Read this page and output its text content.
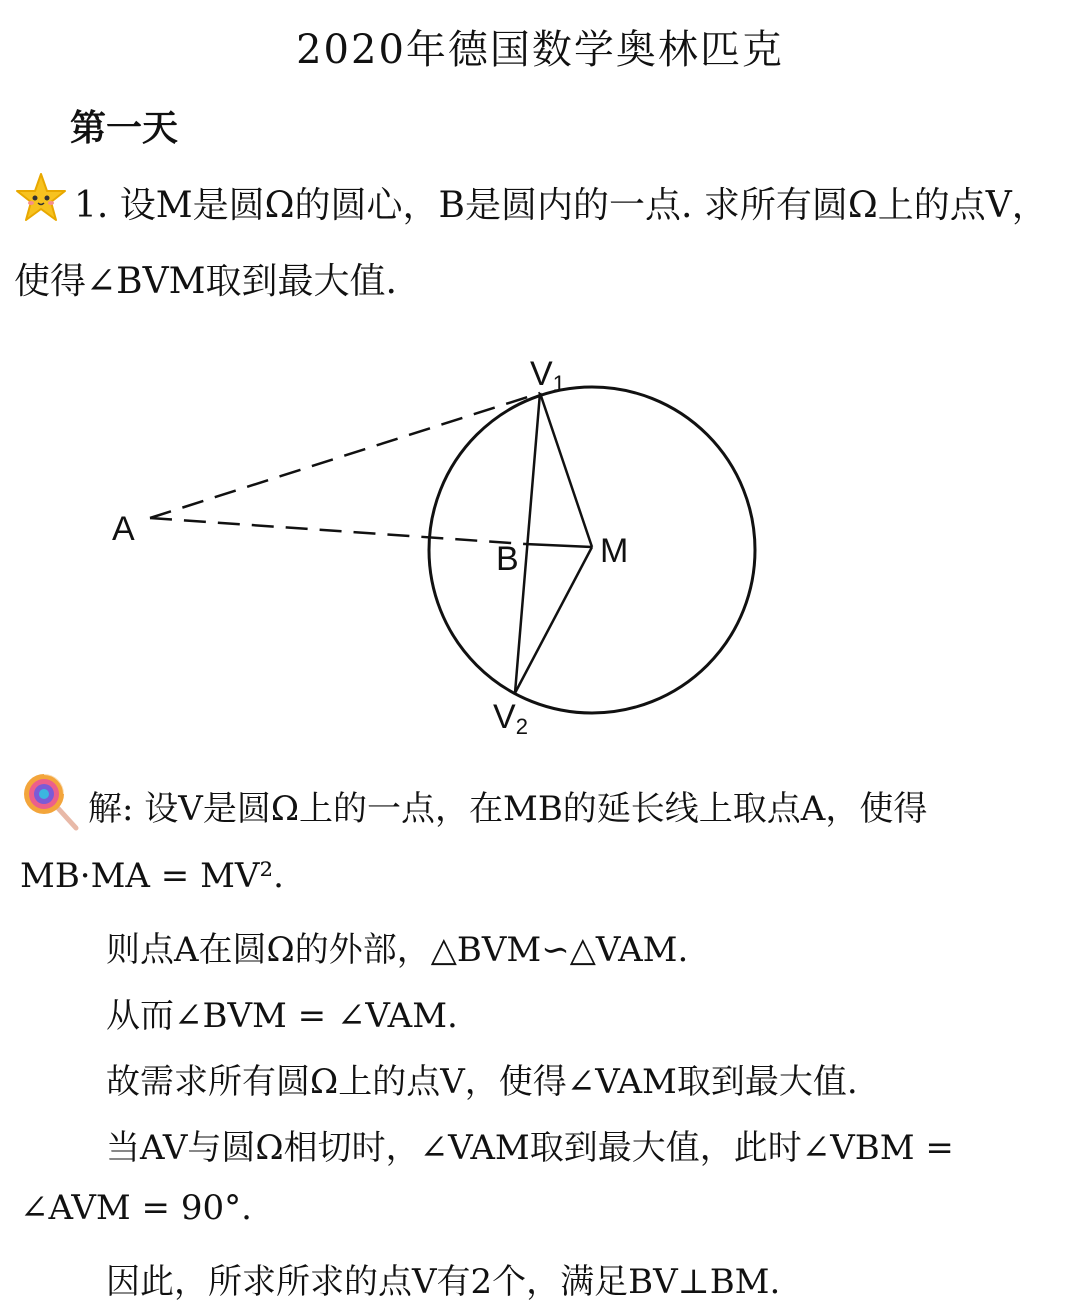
2020年德国数学奥林匹克
第一天
1. 设M是圆Ω的圆心，B是圆内的一点. 求所有圆Ω上的点V，使得∠BVM取到最大值.
V1
V2
A
B M
解: 设V是圆Ω上的一点，在MB的延长线上取点A，使得
MB·MA = MV².
则点A在圆Ω的外部，△BVM∽△VAM.
从而∠BVM = ∠VAM.
故需求所有圆Ω上的点V，使得∠VAM取到最大值.
当AV与圆Ω相切时，∠VAM取到最大值，此时∠VBM =
∠AVM = 90°.
因此，所求所求的点V有2个，满足BV⊥BM.
